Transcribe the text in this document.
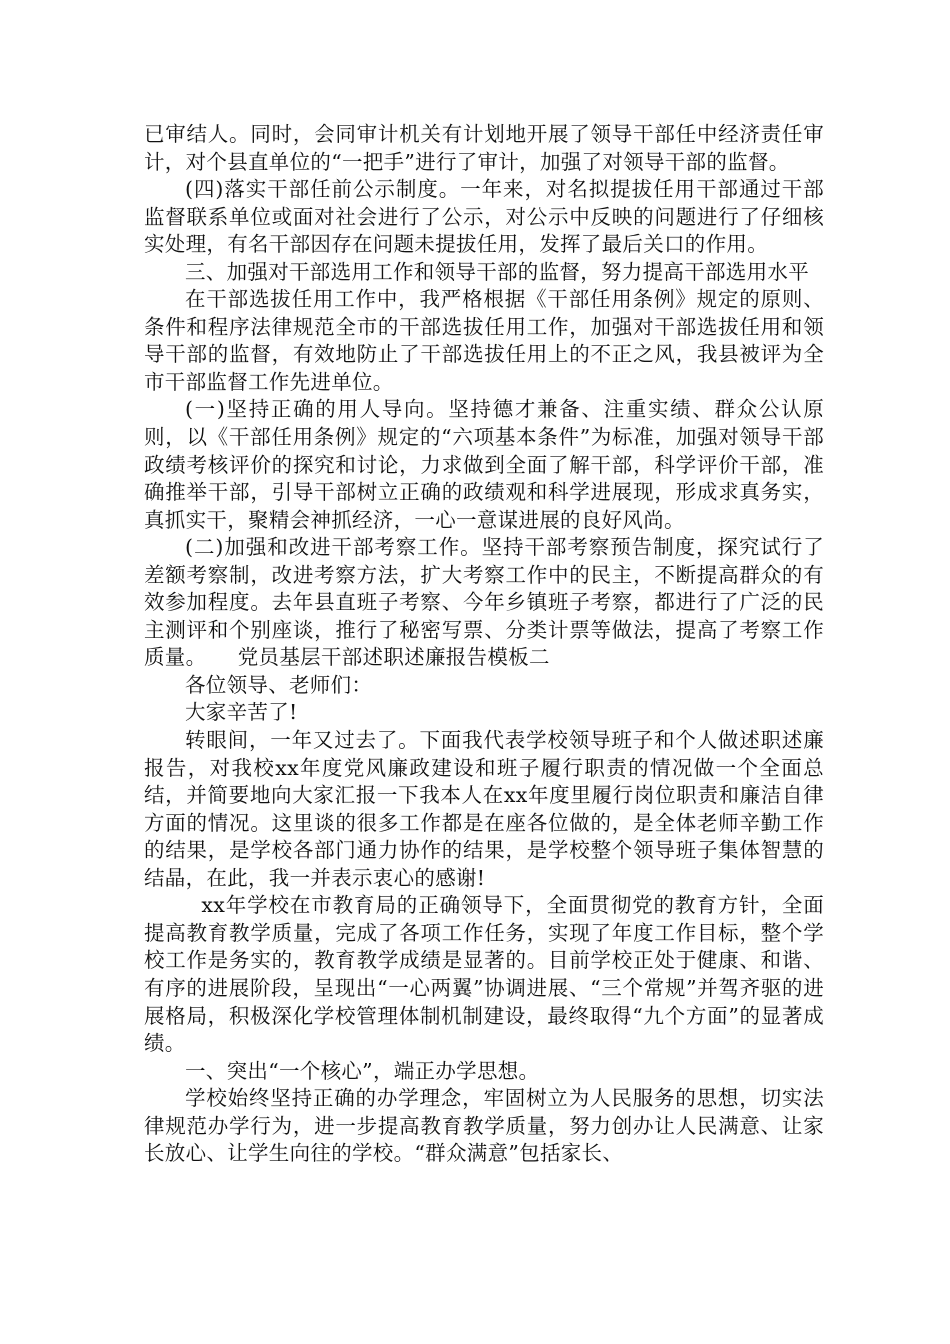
已审结人。同时，会同审计机关有计划地开展了领导干部任中经济责任审计，对个县直单位的“一把手”进行了审计，加强了对领导干部的监督。

(四)落实干部任前公示制度。一年来，对名拟提拔任用干部通过干部监督联系单位或面对社会进行了公示，对公示中反映的问题进行了仔细核实处理，有名干部因存在问题未提拔任用，发挥了最后关口的作用。

三、加强对干部选用工作和领导干部的监督，努力提高干部选用水平

在干部选拔任用工作中，我严格根据《干部任用条例》规定的原则、条件和程序法律规范全市的干部选拔任用工作，加强对干部选拔任用和领导干部的监督，有效地防止了干部选拔任用上的不正之风，我县被评为全市干部监督工作先进单位。

(一)坚持正确的用人导向。坚持德才兼备、注重实绩、群众公认原则，以《干部任用条例》规定的“六项基本条件”为标准，加强对领导干部政绩考核评价的探究和讨论，力求做到全面了解干部，科学评价干部，准确推举干部，引导干部树立正确的政绩观和科学进展现，形成求真务实，真抓实干，聚精会神抓经济，一心一意谋进展的良好风尚。

(二)加强和改进干部考察工作。坚持干部考察预告制度，探究试行了差额考察制，改进考察方法，扩大考察工作中的民主，不断提高群众的有效参加程度。去年县直班子考察、今年乡镇班子考察，都进行了广泛的民主测评和个别座谈，推行了秘密写票、分类计票等做法，提高了考察工作质量。　　党员基层干部述职述廉报告模板二

各位领导、老师们：

大家辛苦了!

转眼间，一年又过去了。下面我代表学校领导班子和个人做述职述廉报告，对我校xx年度党风廉政建设和班子履行职责的情况做一个全面总结，并简要地向大家汇报一下我本人在xx年度里履行岗位职责和廉洁自律方面的情况。这里谈的很多工作都是在座各位做的，是全体老师辛勤工作的结果，是学校各部门通力协作的结果，是学校整个领导班子集体智慧的结晶，在此，我一并表示衷心的感谢!

xx年学校在市教育局的正确领导下，全面贯彻党的教育方针，全面提高教育教学质量，完成了各项工作任务，实现了年度工作目标，整个学校工作是务实的，教育教学成绩是显著的。目前学校正处于健康、和谐、有序的进展阶段，呈现出“一心两翼”协调进展、“三个常规”并驾齐驱的进展格局，积极深化学校管理体制机制建设，最终取得“九个方面”的显著成绩。

一、突出“一个核心”，端正办学思想。

学校始终坚持正确的办学理念，牢固树立为人民服务的思想，切实法律规范办学行为，进一步提高教育教学质量，努力创办让人民满意、让家长放心、让学生向往的学校。“群众满意”包括家长、
